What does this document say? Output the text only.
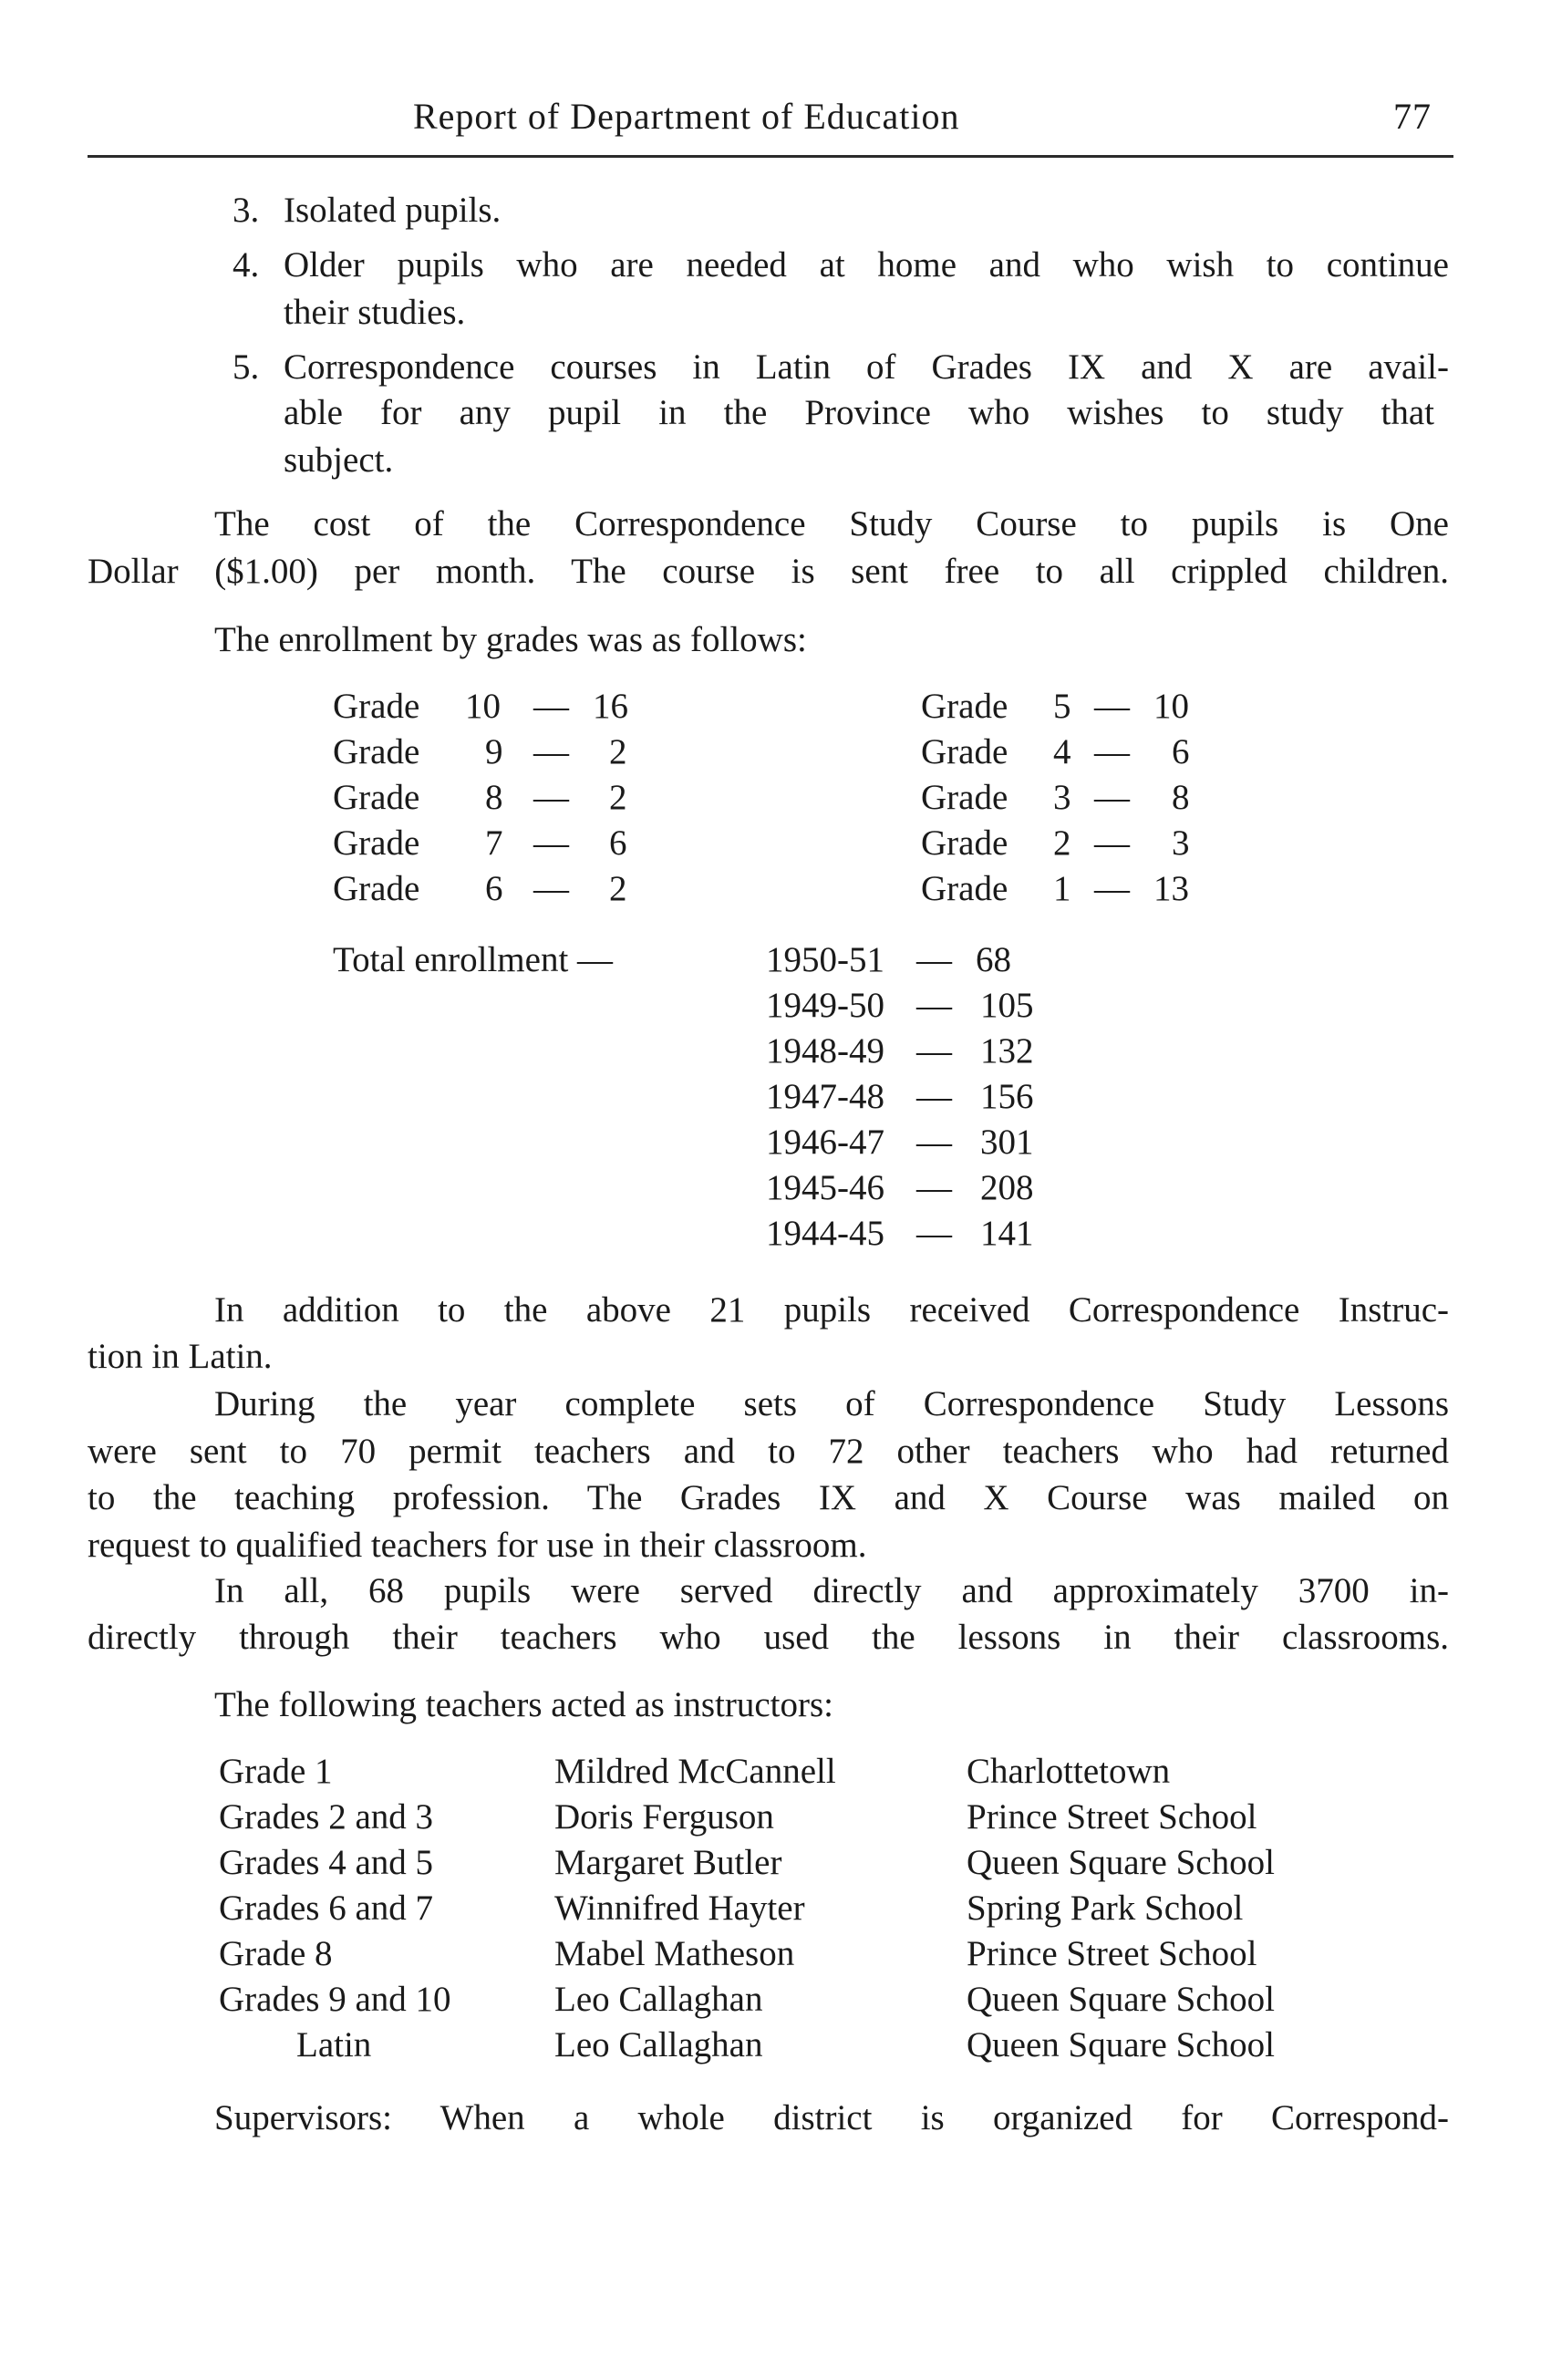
Report of Department of Education	77
3. Isolated pupils.
4. Older pupils who are needed at home and who wish to continue
their studies.
5. Correspondence courses in Latin of Grades IX and X are avail-
able for any pupil in the Province who wishes to study that
subject.
The cost of the Correspondence Study Course to pupils is One
Dollar ($1.00) per month. The course is sent free to all crippled children.
The enrollment by grades was as follows:
Grade 10 — 16
Grade 9 — 2
Grade 8 — 2
Grade 7 — 6
Grade 6 — 2
Grade 5 — 10
Grade 4 — 6
Grade 3 — 8
Grade 2 — 3
Grade 1 — 13
Total enrollment —	1950-51 — 68
1949-50 — 105
1948-49 — 132
1947-48 — 156
1946-47 — 301
1945-46 — 208
1944-45 — 141
In addition to the above 21 pupils received Correspondence Instruc-
tion in Latin.
During the year complete sets of Correspondence Study Lessons
were sent to 70 permit teachers and to 72 other teachers who had returned
to the teaching profession. The Grades IX and X Course was mailed on
request to qualified teachers for use in their classroom.
In all, 68 pupils were served directly and approximately 3700 in-
directly through their teachers who used the lessons in their classrooms.
The following teachers acted as instructors:
Grade 1	Mildred McCannell	Charlottetown
Grades 2 and 3	Doris Ferguson	Prince Street School
Grades 4 and 5	Margaret Butler	Queen Square School
Grades 6 and 7	Winnifred Hayter	Spring Park School
Grade 8	Mabel Matheson	Prince Street School
Grades 9 and 10	Leo Callaghan	Queen Square School
Latin	Leo Callaghan	Queen Square School
Supervisors: When a whole district is organized for Correspond-
